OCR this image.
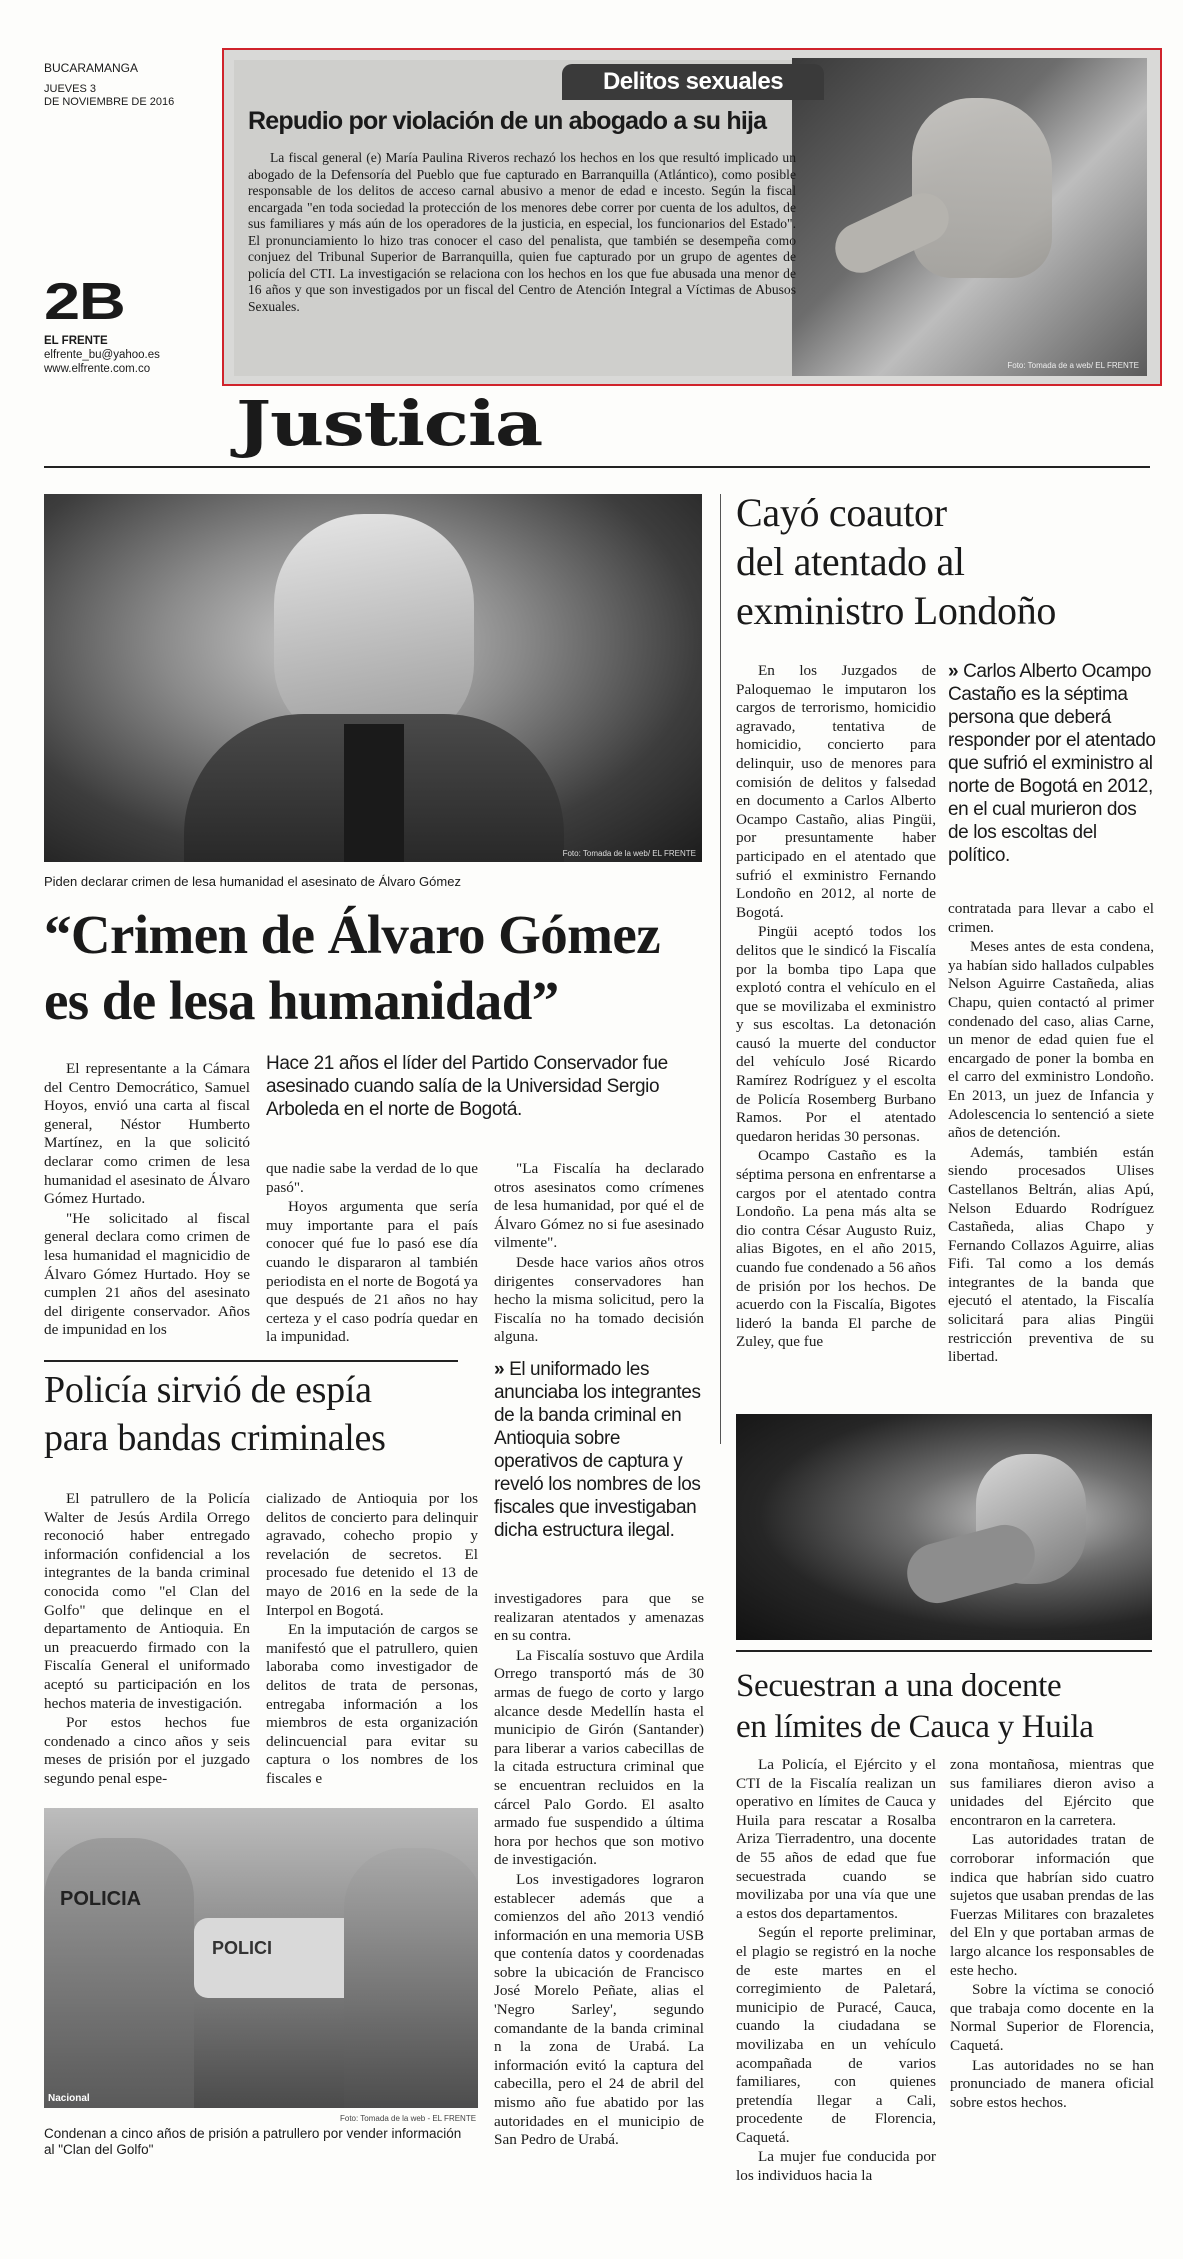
BUCARAMANGA
JUEVES 3
DE NOVIEMBRE DE 2016
2B
EL FRENTE
elfrente_bu@yahoo.es
www.elfrente.com.co	Foto: Tomada de a web/ EL FRENTE
Delitos sexuales
Repudio por violación de un abogado a su hija
La fiscal general (e) María Paulina Riveros rechazó los hechos en los que resultó implicado un abogado de la Defensoría del Pueblo que fue capturado en Barranquilla (Atlántico), como posible responsable de los delitos de acceso carnal abusivo a menor de edad e incesto. Según la fiscal encargada "en toda sociedad la protección de los menores debe correr por cuenta de los adultos, de sus familiares y más aún de los operadores de la justicia, en especial, los funcionarios del Estado". El pronunciamiento lo hizo tras conocer el caso del penalista, que también se desempeña como conjuez del Tribunal Superior de Barranquilla, quien fue capturado por un grupo de agentes de policía del CTI. La investigación se relaciona con los hechos en los que fue abusada una menor de 16 años y que son investigados por un fiscal del Centro de Atención Integral a Víctimas de Abusos Sexuales.
Justicia
Foto: Tomada de la web/ EL FRENTE
Piden declarar crimen de lesa humanidad el asesinato de Álvaro Gómez
“Crimen de Álvaro Gómez
es de lesa humanidad”
Hace 21 años el líder del Partido Conservador fue asesinado cuando salía de la Universidad Sergio Arboleda en el norte de Bogotá.

El representante a la Cámara del Centro Democrático, Samuel Hoyos, envió una carta al fiscal general, Néstor Humberto Martínez, en la que solicitó declarar como crimen de lesa humanidad el asesinato de Álvaro Gómez Hurtado.

"He solicitado al fiscal general declara como crimen de lesa humanidad el magnicidio de Álvaro Gómez Hurtado. Hoy se cumplen 21 años del asesinato del dirigente conservador. Años de impunidad en los

que nadie sabe la verdad de lo que pasó".

Hoyos argumenta que sería muy importante para el país conocer qué fue lo pasó ese día cuando le dispararon al también periodista en el norte de Bogotá ya que después de 21 años no hay certeza y el caso podría quedar en la impunidad.

"La Fiscalía ha declarado otros asesinatos como crímenes de lesa humanidad, por qué el de Álvaro Gómez no si fue asesinado vilmente".

Desde hace varios años otros dirigentes conservadores han hecho la misma solicitud, pero la Fiscalía no ha tomado decisión alguna.

Cayó coautor
del atentado al
exministro Londoño
» Carlos Alberto Ocampo Castaño es la séptima persona que deberá responder por el atentado que sufrió el exministro al norte de Bogotá en 2012, en el cual murieron dos de los escoltas del político.

En los Juzgados de Paloquemao le imputaron los cargos de terrorismo, homicidio agravado, tentativa de homicidio, concierto para delinquir, uso de menores para comisión de delitos y falsedad en documento a Carlos Alberto Ocampo Castaño, alias Pingüi, por presuntamente haber participado en el atentado que sufrió el exministro Fernando Londoño en 2012, al norte de Bogotá.

Pingüi aceptó todos los delitos que le sindicó la Fiscalía por la bomba tipo Lapa que explotó contra el vehículo en el que se movilizaba el exministro y sus escoltas. La detonación causó la muerte del conductor del vehículo José Ricardo Ramírez Rodríguez y el escolta de Policía Rosemberg Burbano Ramos. Por el atentado quedaron heridas 30 personas.

Ocampo Castaño es la séptima persona en enfrentarse a cargos por el atentado contra Londoño. La pena más alta se dio contra César Augusto Ruiz, alias Bigotes, en el año 2015, cuando fue condenado a 56 años de prisión por los hechos. De acuerdo con la Fiscalía, Bigotes lideró la banda El parche de Zuley, que fue

contratada para llevar a cabo el crimen.

Meses antes de esta condena, ya habían sido hallados culpables Nelson Aguirre Castañeda, alias Chapu, quien contactó al primer condenado del caso, alias Carne, un menor de edad quien fue el encargado de poner la bomba en el carro del exministro Londoño. En 2013, un juez de Infancia y Adolescencia lo sentenció a siete años de detención.

Además, también están siendo procesados Ulises Castellanos Beltrán, alias Apú, Nelson Eduardo Rodríguez Castañeda, alias Chapo y Fernando Collazos Aguirre, alias Fifi. Tal como a los demás integrantes de la banda que ejecutó el atentado, la Fiscalía solicitará para alias Pingüi restricción preventiva de su libertad.

Secuestran a una docente
en límites de Cauca y Huila

La Policía, el Ejército y el CTI de la Fiscalía realizan un operativo en límites de Cauca y Huila para rescatar a Rosalba Ariza Tierradentro, una docente de 55 años de edad que fue secuestrada cuando se movilizaba por una vía que une a estos dos departamentos.

Según el reporte preliminar, el plagio se registró en la noche de este martes en el corregimiento de Paletará, municipio de Puracé, Cauca, cuando la ciudadana se movilizaba en un vehículo acompañada de varios familiares, con quienes pretendía llegar a Cali, procedente de Florencia, Caquetá.

La mujer fue conducida por los individuos hacia la

zona montañosa, mientras que sus familiares dieron aviso a unidades del Ejército que encontraron en la carretera.

Las autoridades tratan de corroborar información que indica que habrían sido cuatro sujetos que usaban prendas de las Fuerzas Militares con brazaletes del Eln y que portaban armas de largo alcance los responsables de este hecho.

Sobre la víctima se conoció que trabaja como docente en la Normal Superior de Florencia, Caquetá.

Las autoridades no se han pronunciado de manera oficial sobre estos hechos.

Policía sirvió de espía
para bandas criminales
» El uniformado les anunciaba los integrantes de la banda criminal en Antioquia sobre operativos de captura y reveló los nombres de los fiscales que investigaban dicha estructura ilegal.

El patrullero de la Policía Walter de Jesús Ardila Orrego reconoció haber entregado información confidencial a los integrantes de la banda criminal conocida como "el Clan del Golfo" que delinque en el departamento de Antioquia. En un preacuerdo firmado con la Fiscalía General el uniformado aceptó su participación en los hechos materia de investigación.

Por estos hechos fue condenado a cinco años y seis meses de prisión por el juzgado segundo penal espe-

cializado de Antioquia por los delitos de concierto para delinquir agravado, cohecho propio y revelación de secretos. El procesado fue detenido el 13 de mayo de 2016 en la sede de la Interpol en Bogotá.

En la imputación de cargos se manifestó que el patrullero, quien laboraba como investigador de delitos de trata de personas, entregaba información a los miembros de esta organización delincuencial para evitar su captura o los nombres de los fiscales e

investigadores para que se realizaran atentados y amenazas en su contra.

La Fiscalía sostuvo que Ardila Orrego transportó más de 30 armas de fuego de corto y largo alcance desde Medellín hasta el municipio de Girón (Santander) para liberar a varios cabecillas de la citada estructura criminal que se encuentran recluidos en la cárcel Palo Gordo. El asalto armado fue suspendido a última hora por hechos que son motivo de investigación.

Los investigadores lograron establecer además que a comienzos del año 2013 vendió información en una memoria USB que contenía datos y coordenadas sobre la ubicación de Francisco José Morelo Peñate, alias el 'Negro Sarley', segundo comandante de la banda criminal n la zona de Urabá. La información evitó la captura del cabecilla, pero el 24 de abril del mismo año fue abatido por las autoridades en el municipio de San Pedro de Urabá.

POLICI
POLICIA
Nacional
Foto: Tomada de la web - EL FRENTE
Condenan a cinco años de prisión a patrullero por vender información al "Clan del Golfo"
